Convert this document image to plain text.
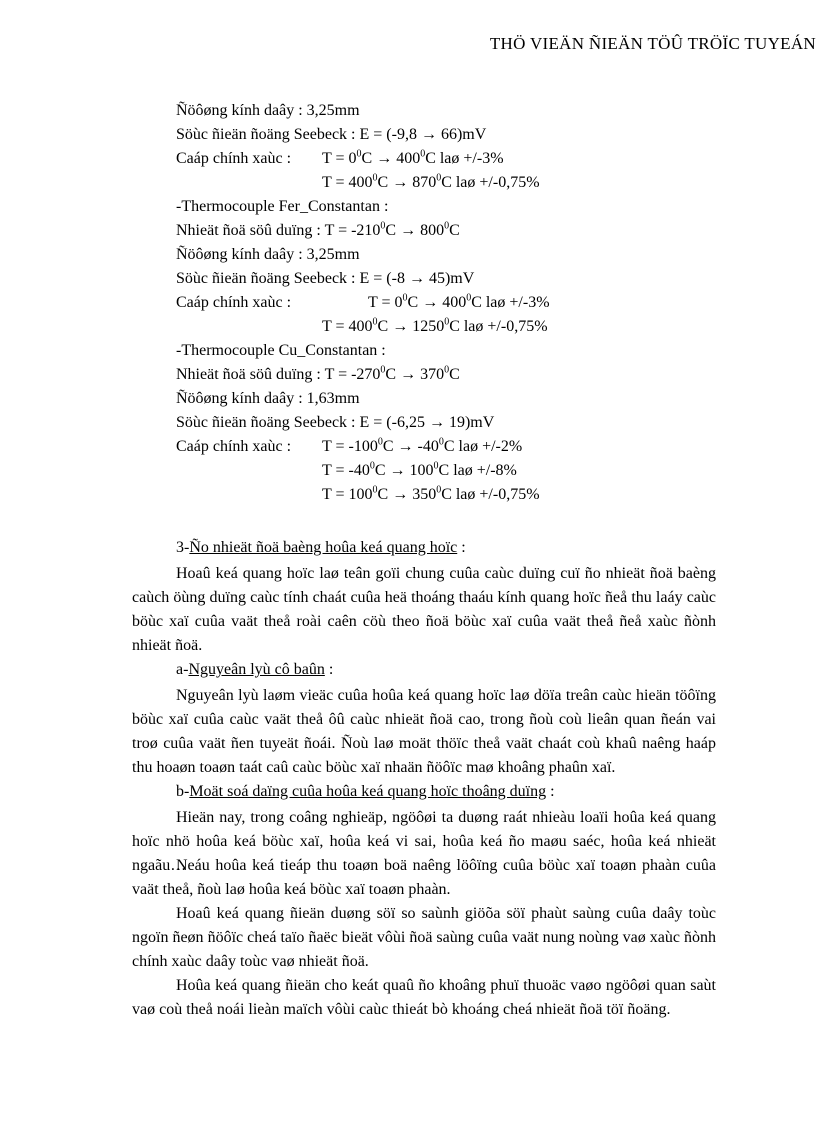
THÖ VIEÄN ÑIEÄN TÖÛ TRÖÏC TUYEÁN
Ñöôøng kính daây : 3,25mm
Söùc ñieän ñoäng Seebeck : E = (-9,8 → 66)mV
Caáp chính xaùc : $T = 0^0C \to 400^0C$ laø +/-3%
$T = 400^0C \to 870^0C$ laø +/-0,75%
-Thermocouple Fer_Constantan :
Nhieät ñoä söû duïng : $T = -210^0C \to 800^0C$
Ñöôøng kính daây : 3,25mm
Söùc ñieän ñoäng Seebeck : E = (-8 → 45)mV
Caáp chính xaùc :	$T = 0^0C \to 400^0C$ laø +/-3%
$T = 400^0C \to 1250^0C$ laø +/-0,75%
-Thermocouple Cu_Constantan :
Nhieät ñoä söû duïng : $T = -270^0C \to 370^0C$
Ñöôøng kính daây : 1,63mm
Söùc ñieän ñoäng Seebeck : E = (-6,25 → 19)mV
Caáp chính xaùc : $T = -100^0C \to -40^0C$ laø +/-2%
$T = -40^0C \to 100^0C$ laø +/-8%
$T = 100^0C \to 350^0C$ laø +/-0,75%
3-Ño nhieät ñoä baèng hoûa keá quang hoïc :
Hoaû keá quang hoïc laø teân goïi chung cuûa caùc duïng cuï ño nhieät ñoä baèng caùch öùng duïng caùc tính chaát cuûa heä thoáng thaáu kính quang hoïc ñeå thu laáy caùc böùc xaï cuûa vaät theå roài caên cöù theo ñoä böùc xaï cuûa vaät theå ñeå xaùc ñònh nhieät ñoä.
a-Nguyeân lyù cô baûn :
Nguyeân lyù laøm vieäc cuûa hoûa keá quang hoïc laø döïa treân caùc hieän töôïng böùc xaï cuûa caùc vaät theå ôû caùc nhieät ñoä cao, trong ñoù coù lieân quan ñeán vai troø cuûa vaät ñen tuyeät ñoái. Ñoù laø moät thöïc theå vaät chaát coù khaû naêng haáp thu hoaøn toaøn taát caû caùc böùc xaï nhaän ñöôïc maø khoâng phaûn xaï.
b-Moät soá daïng cuûa hoûa keá quang hoïc thoâng duïng :
Hieän nay, trong coâng nghieäp, ngöôøi ta duøng raát nhieàu loaïi hoûa keá quang hoïc nhö hoûa keá böùc xaï, hoûa keá vi sai, hoûa keá ño maøu saéc, hoûa keá nhieät ngaãu…
Neáu hoûa keá tieáp thu toaøn boä naêng löôïng cuûa böùc xaï toaøn phaàn cuûa vaät theå, ñoù laø hoûa keá böùc xaï toaøn phaàn.
Hoaû keá quang ñieän duøng söï so saùnh giöõa söï phaùt saùng cuûa daây toùc ngoïn ñeøn ñöôïc cheá taïo ñaëc bieät vôùi ñoä saùng cuûa vaät nung noùng vaø xaùc ñònh chính xaùc daây toùc vaø nhieät ñoä.
Hoûa keá quang ñieän cho keát quaû ño khoâng phuï thuoäc vaøo ngöôøi quan saùt vaø coù theå noái lieàn maïch vôùi caùc thieát bò khoáng cheá nhieät ñoä töï ñoäng.
